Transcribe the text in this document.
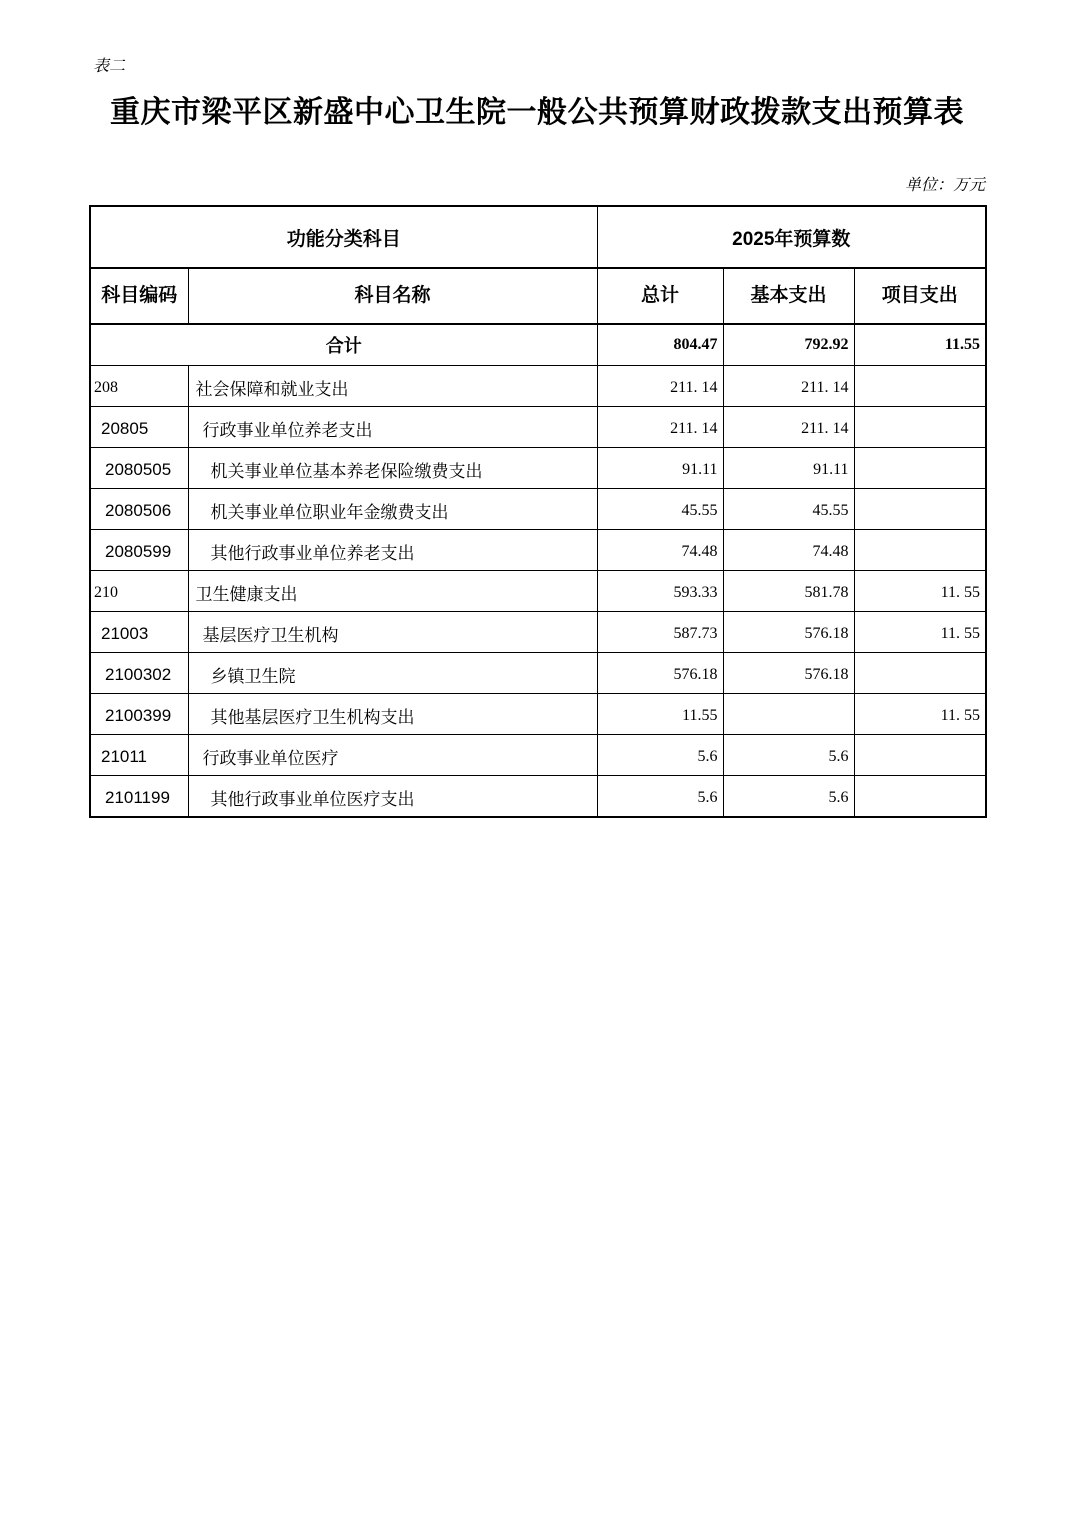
表二
重庆市梁平区新盛中心卫生院一般公共预算财政拨款支出预算表
单位：万元
功能分类科目		2025年预算数		
科目编码	科目名称	总计	基本支出	项目支出
合计		804.47	792.92	11.55
208	社会保障和就业支出	211. 14	211. 14	
20805	行政事业单位养老支出	211. 14	211. 14	
2080505	机关事业单位基本养老保险缴费支出	91.11	91.11	
2080506	机关事业单位职业年金缴费支出	45.55	45.55	
2080599	其他行政事业单位养老支出	74.48	74.48	
210	卫生健康支出	593.33	581.78	11. 55
21003	基层医疗卫生机构	587.73	576.18	11. 55
2100302	乡镇卫生院	576.18	576.18	
2100399	其他基层医疗卫生机构支出	11.55		11. 55
21011	行政事业单位医疗	5.6	5.6	
2101199	其他行政事业单位医疗支出	5.6	5.6	
